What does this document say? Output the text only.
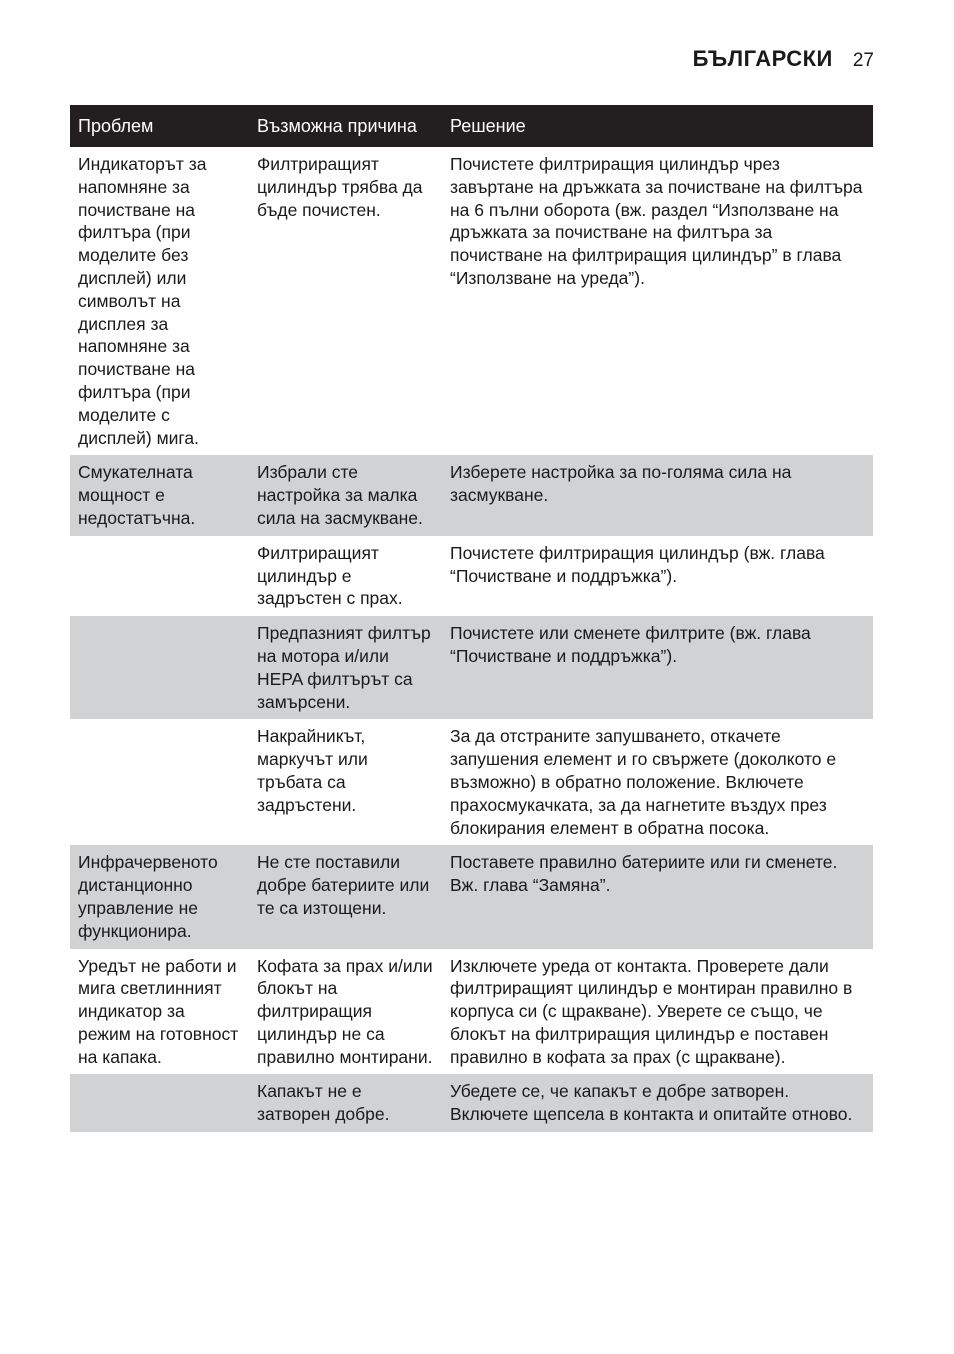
БЪЛГАРСКИ 27
Проблем	Възможна причина	Решение
Индикаторът за напомняне за почистване на филтъра (при моделите без дисплей) или символът на дисплея за напомняне за почистване на филтъра (при моделите с дисплей) мига.
Филтриращият цилиндър трябва да бъде почистен.
Почистете филтриращия цилиндър чрез завъртане на дръжката за почистване на филтъра на 6 пълни оборота (вж. раздел “Използване на дръжката за почистване на филтъра за почистване на филтриращия цилиндър” в глава “Използване на уреда”).
Смукателната мощност е недостатъчна.
Избрали сте настройка за малка сила на засмукване.
Изберете настройка за по-голяма сила на засмукване.
Филтриращият цилиндър е задръстен с прах.
Почистете филтриращия цилиндър (вж. глава “Почистване и поддръжка”).
Предпазният филтър на мотора и/или HEPA филтърът са замърсени.
Почистете или сменете филтрите (вж. глава “Почистване и поддръжка”).
Накрайникът, маркучът или тръбата са задръстени.
За да отстраните запушването, откачете запушения елемент и го свържете (доколкото е възможно) в обратно положение. Включете прахосмукачката, за да нагнетите въздух през блокирания елемент в обратна посока.
Инфрачервеното дистанционно управление не функционира.
Не сте поставили добре батериите или те са изтощени.
Поставете правилно батериите или ги сменете. Вж. глава “Замяна”.
Уредът не работи и мига светлинният индикатор за режим на готовност на капака.
Кофата за прах и/или блокът на филтриращия цилиндър не са правилно монтирани.
Изключете уреда от контакта. Проверете дали филтриращият цилиндър е монтиран правилно в корпуса си (с щракване). Уверете се също, че блокът на филтриращия цилиндър е поставен правилно в кофата за прах (с щракване).
Капакът не е затворен добре.
Убедете се, че капакът е добре затворен. Включете щепсела в контакта и опитайте отново.
